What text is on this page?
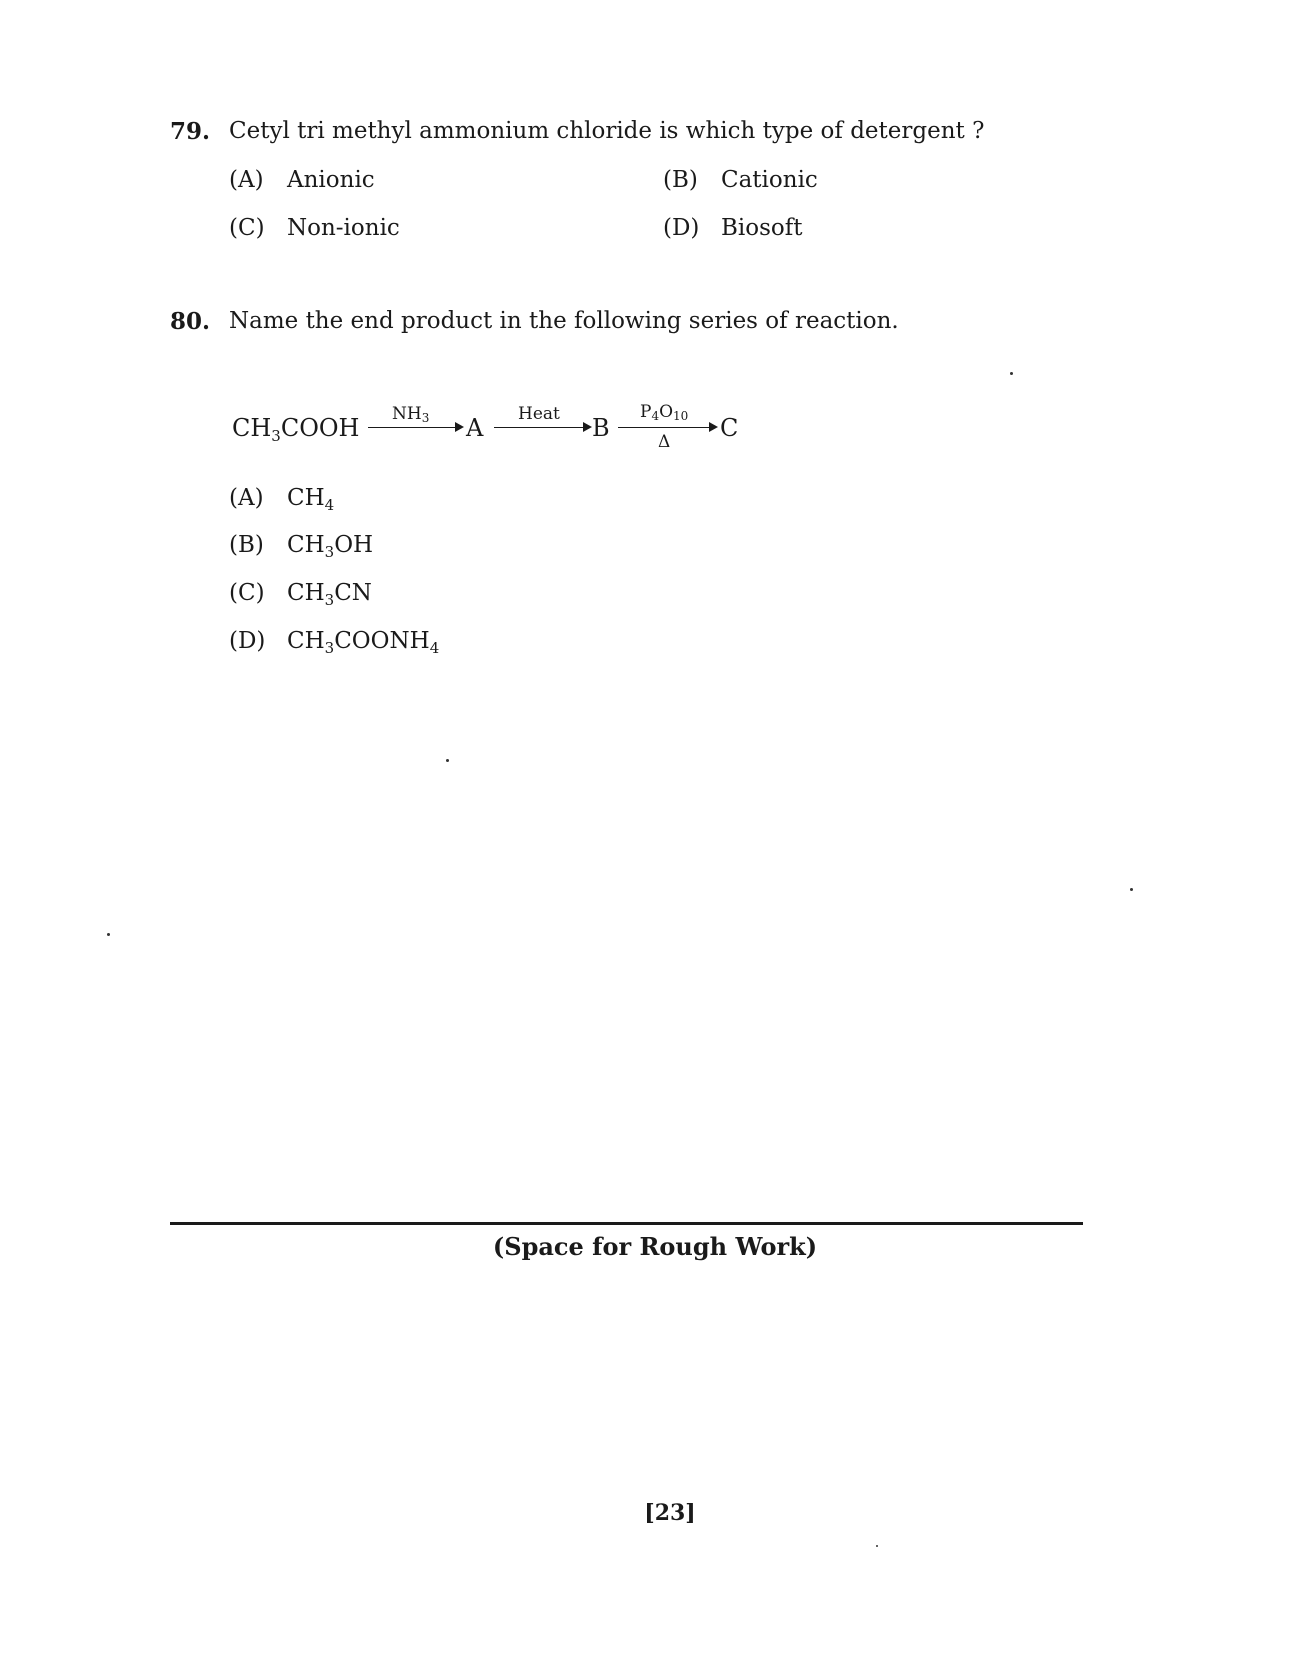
79. Cetyl tri methyl ammonium chloride is which type of detergent ?
(A) Anionic	(B) Cationic
(C) Non-ionic	(D) Biosoft
80. Name the end product in the following series of reaction.
$CH_3COOH$ $NH_3 \to A$ Heat → B
$P_4O_{10}$
Δ C
(A) $CH_4$
(B) $CH_3OH$
(C) $CH_3CN$
(D) $CH_3COONH_4$
(Space for Rough Work)
[23]
